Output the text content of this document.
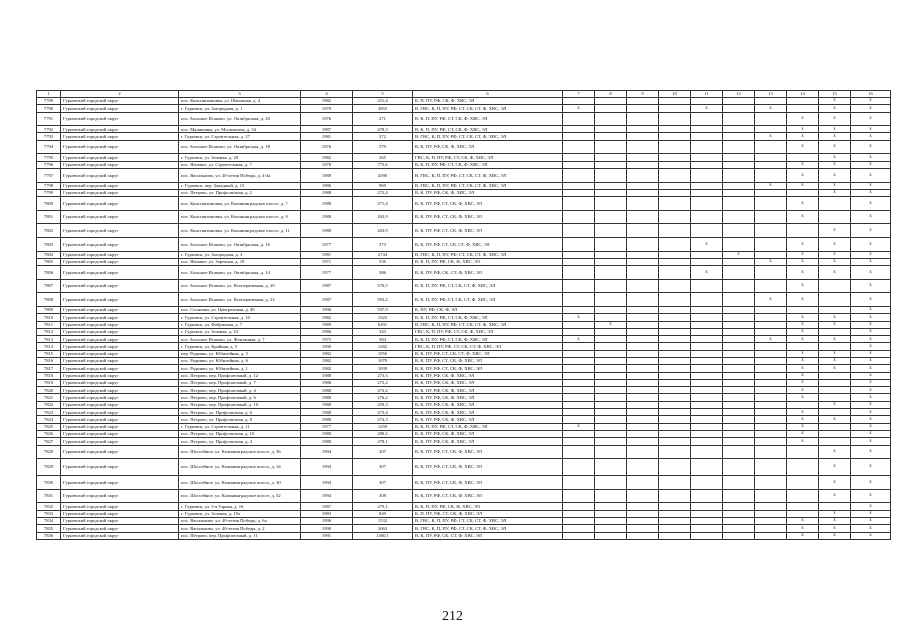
1	2	3	4	5	6	7	8	9	10	11	12	13	14	15	16
7789	Гурьевский городской округ	пос. Константиновка, ул. Школьная, д. 4	1982	251,4	К, П, ПУ, РФ, СК, Ф, ХВС, ЭЛ									x	x
7790	Гурьевский городской округ	г. Гурьевск, ул. Загородная, д. 1	1979	3855	В, ГВС, К, П, ПУ, РФ, СТ, СК, СТ, Ф, ХВС, ЭЛ	x				x		x		x	x
7791	Гурьевский городской округ	пос. Большое Исаково, ул. Октябрьская, д. 20	1976	271	В, К, П, ПУ, РФ, СТ, СК, Ф, ХВС, ЭЛ								x	x	x
7792	Гурьевский городской округ	пос. Малиновка, ул. Московская, д. 34	1987	478,3	В, К, П, ПУ, РФ, СТ, СК, Ф, ХВС, ЭЛ								x	x	x
7793	Гурьевский городской округ	г. Гурьевск, ул. Строительная, д. 27	1981	372	В, ГВС, К, П, ПУ, РФ, СТ, СК, СТ, Ф, ХВС, ЭЛ							x	x	x	x
7794	Гурьевский городской округ	пос. Большое Исаково, ул. Октябрьская, д. 18	1976	379	В, К, ПУ, РФ, СК, Ф, ХВС, ЭЛ								x	x	x
7795	Гурьевский городской округ	г. Гурьевск, ул. Зеленая, д. 29	1982	365	ГВС, К, П, ПУ, РФ, СТ, СК, Ф, ХВС, ЭЛ									x	x
7796	Гурьевский городской округ	пос. Низовье, ул. Строительная, д. 7	1978	773,6	В, К, П, ПУ, РФ, СТ, СК, Ф, ХВС, ЭЛ								x	x	x
7797	Гурьевский городской округ	пос. Васильково, ул. 40-летия Победы, д. 4-4а	1988	4590	В, ГВС, К, П, ПУ, РФ, СТ, СК, СТ, Ф, ХВС, ЭЛ								x	x	x
7798	Гурьевский городской округ	г. Гурьевск, пер. Западный, д. 15	1986	969	В, ГВС, К, П, ПУ, РФ, СТ, СК, СТ, Ф, ХВС, ЭЛ							x	x	x	x
7799	Гурьевский городской округ	пос. Петрово, ул. Профсоюзная, д. 2	1988	272,4	В, К, ПУ, РФ, СК, Ф, ХВС, ЭЛ									x	x
7800	Гурьевский городской округ	пос. Константиновка, ул. Калининградское шоссе, д. 7	1988	271,4	В, К, ПУ, РФ, СТ, СК, Ф, ХВС, ЭЛ								x		x
7801	Гурьевский городской округ	пос. Константиновка, ул. Калининградское шоссе, д. 9	1988	263,9	В, К, ПУ, РФ, СТ, СК, Ф, ХВС, ЭЛ								x		x
7802	Гурьевский городской округ	пос. Константиновка, ул. Калининградское шоссе, д. 11	1988	263,9	В, К, ПУ, РФ, СТ, СК, Ф, ХВС, ЭЛ									x	x
7803	Гурьевский городской округ	пос. Большое Исаково, ул. Октябрьская, д. 16	1977	373	В, К, ПУ, РФ, СТ, СК, СТ, Ф, ХВС, ЭЛ					x			x	x	x
7804	Гурьевский городской округ	г. Гурьевск, ул. Загородная, д. 3	1981	2744	В, ГВС, К, П, ПУ, РФ, СТ, СК, СТ, Ф, ХВС, ЭЛ						x		x	x	x
7805	Гурьевский городской округ	пос. Низовье, ул. Заречная, д. 10	1971	536	В, К, П, ПУ, РФ, СК, Ф, ХВС, ЭЛ							x	x	x	x
7806	Гурьевский городской округ	пос. Большое Исаково, ул. Октябрьская, д. 14	1977	386	В, К, ПУ, РФ, СК, СТ, Ф, ХВС, ЭЛ					x			x	x	x
7807	Гурьевский городской округ	пос. Большое Исаково, ул. Кооперативная, д. 20	1987	576,5	В, К, П, ПУ, РФ, СТ, СК, СТ, Ф, ХВС, ЭЛ								x		x
7808	Гурьевский городской округ	пос. Большое Исаково, ул. Кооперативная, д. 22	1987	593,2	В, К, П, ПУ, РФ, СТ, СК, СТ, Ф, ХВС, ЭЛ							x	x		x
7809	Гурьевский городской округ	пос. Сосновка, ул. Центральная, д. 49	1996	537,9	К, ПУ, РФ, СК, Ф, ЭЛ										x
7810	Гурьевский городской округ	г. Гурьевск, ул. Строительная, д. 10	1982	1523	В, К, П, ПУ, РФ, СТ, СК, Ф, ХВС, ЭЛ	x							x	x	x
7811	Гурьевский городской округ	г. Гурьевск, ул. Фабричная, д. 7	1989	6291	В, ГВС, К, П, ПУ, РФ, СТ, СК, СТ, Ф, ХВС, ЭЛ		x						x	x	x
7812	Гурьевский городской округ	г. Гурьевск, ул. Зеленая, д. 23	1986	343	ГВС, К, П, ПУ, РФ, СТ, СК, Ф, ХВС, ЭЛ								x		x
7813	Гурьевский городской округ	пос. Большое Исаково, ул. Фонтанная, д. 7	1975	384	В, К, П, ПУ, РФ, СТ, СК, Ф, ХВС, ЭЛ	x						x	x	x	x
7814	Гурьевский городской округ	г. Гурьевск, ул. Крайняя, д. 5	1990	1282	ГВС, К, П, ПУ, РФ, СТ, СК, СТ, Ф, ХВС, ЭЛ										x
7815	Гурьевский городской округ	пер. Родники, ул. Юбилейная, д. 3	1982	1056	В, К, ПУ, РФ, СТ, СК, СТ, Ф, ХВС, ЭЛ								x	x	x
7816	Гурьевский городской округ	пос. Родники, ул. Юбилейная, д. 6	1982	1079	В, К, ПУ, РФ, СТ, СК, Ф, ХВС, ЭЛ								x	x	x
7817	Гурьевский городской округ	пос. Родники, ул. Юбилейная, д. 1	1982	1039	В, К, ПУ, РФ, СТ, СК, Ф, ХВС, ЭЛ								x	x	x
7818	Гурьевский городской округ	пос. Петрово, пер. Профсоюзный, д. 12	1988	273,3	В, К, ПУ, РФ, СК, Ф, ХВС, ЭЛ								x		x
7819	Гурьевский городской округ	пос. Петрово, пер. Профсоюзный, д. 7	1988	273,2	В, К, ПУ, РФ, СК, Ф, ХВС, ЭЛ								x		x
7820	Гурьевский городской округ	пос. Петрово, пер. Профсоюзный, д. 4	1988	273,2	В, К, ПУ, РФ, СК, Ф, ХВС, ЭЛ								x		x
7821	Гурьевский городской округ	пос. Петрово, пер. Профсоюзный, д. 6	1988	276,2	В, К, ПУ, РФ, СК, Ф, ХВС, ЭЛ								x		x
7822	Гурьевский городской округ	пос. Петрово, пер. Профсоюзный, д. 10	1988	259,3	В, К, ПУ, РФ, СК, Ф, ХВС, ЭЛ									x	x
7823	Гурьевский городской округ	пос. Петрово, ул. Профсоюзная, д. 6	1988	273,4	В, К, ПУ, РФ, СК, Ф, ХВС, ЭЛ								x		x
7824	Гурьевский городской округ	пос. Петрово, ул. Профсоюзная, д. 8	1988	274,3	В, К, ПУ, РФ, СК, Ф, ХВС, ЭЛ								x	x	x
7825	Гурьевский городской округ	г. Гурьевск, ул. Строительная, д. 11	1977	1259	В, К, П, ПУ, РФ, СТ, СК, Ф, ХВС, ЭЛ	x							x		x
7826	Гурьевский городской округ	пос. Петрово, ул. Профсоюзная, д. 10	1988	280,2	В, К, ПУ, РФ, СК, Ф, ХВС, ЭЛ								x		x
7827	Гурьевский городской округ	пос. Петрово, ул. Профсоюзная, д. 4	1988	278,1	В, К, ПУ, РФ, СК, Ф, ХВС, ЭЛ								x		x
7828	Гурьевский городской округ	пос. Шоссейное, ул. Калининградское шоссе, д. 36	1994	307	В, К, ПУ, РФ, СТ, СК, Ф, ХВС, ЭЛ									x	x
7829	Гурьевский городской округ	пос. Шоссейное, ул. Калининградское шоссе, д. 34	1994	307	В, К, ПУ, РФ, СТ, СК, Ф, ХВС, ЭЛ									x	x
7830	Гурьевский городской округ	пос. Шоссейное, ул. Калининградское шоссе, д. 30	1994	307	В, К, ПУ, РФ, СТ, СК, Ф, ХВС, ЭЛ									x	x
7831	Гурьевский городской округ	пос. Шоссейное, ул. Калининградское шоссе, д. 32	1994	308	В, К, ПУ, РФ, СТ, СК, Ф, ХВС, ЭЛ									x	x
7832	Гурьевский городской округ	г. Гурьевск, ул. 3-я Горная, д. 16	1987	279,1	В, К, П, ПУ, РФ, СК, Ф, ХВС, ЭЛ										x
7833	Гурьевский городской округ	г. Гурьевск, ул. Зеленая, д. 19а	1983	849	К, П, ПУ, РФ, СТ, СК, Ф, ХВС, ЭЛ									x	x
7834	Гурьевский городской округ	пос. Васильково, ул. 40-летия Победы, д. 6а	1996	1532	В, ГВС, К, П, ПУ, РФ, СТ, СК, СТ, Ф, ХВС, ЭЛ								x	x	x
7835	Гурьевский городской округ	пос. Васильково, ул. 40-летия Победы, д. 2	1990	2663	В, ГВС, К, П, ПУ, РФ, СТ, СК, СТ, Ф, ХВС, ЭЛ								x	x	x
7836	Гурьевский городской округ	пос. Петрово, пер. Профсоюзный, д. 11	1991	1300,1	В, К, ПУ, РФ, СК, СТ, Ф, ХВС, ЭЛ								x	x	x
212
